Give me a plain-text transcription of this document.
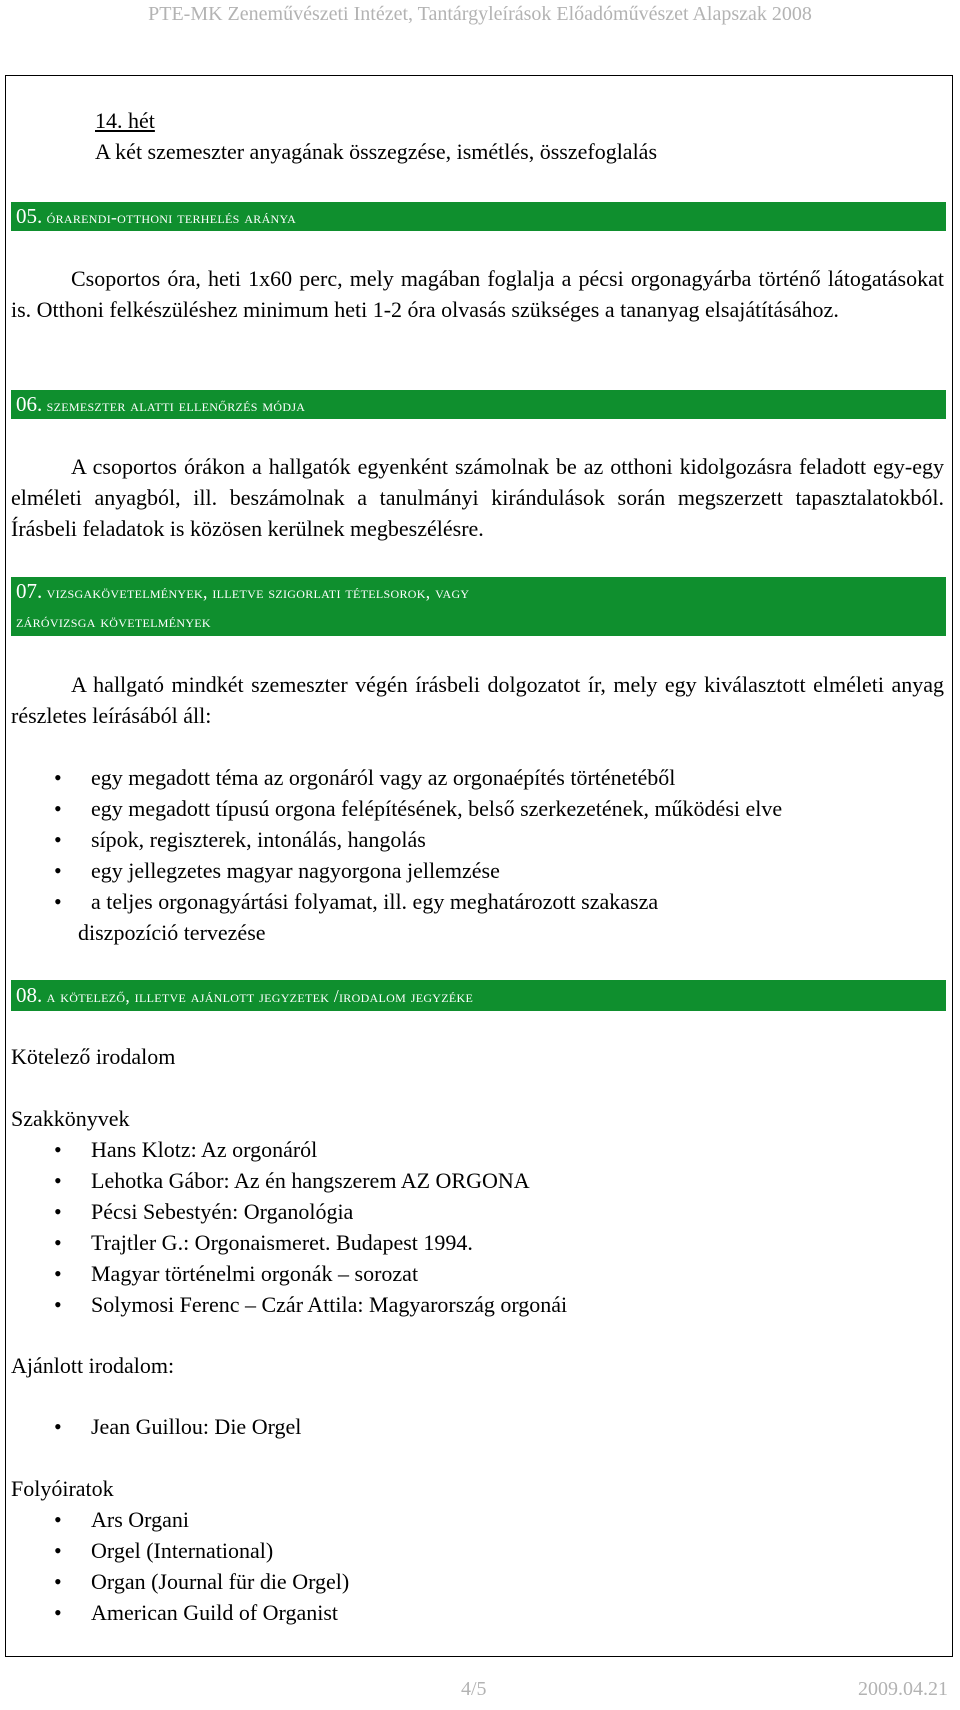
PTE-MK Zeneművészeti Intézet, Tantárgyleírások Előadóművészet Alapszak 2008

14. hét

A két szemeszter anyagának összegzése, ismétlés, összefoglalás

05. órarendi-otthoni terhelés aránya

Csoportos óra, heti 1x60 perc, mely magában foglalja a pécsi orgonagyárba történő látogatásokat is. Otthoni felkészüléshez minimum heti 1-2 óra olvasás szükséges a tananyag elsajátításához.

06. szemeszter alatti ellenőrzés módja

A csoportos órákon a hallgatók egyenként számolnak be az otthoni kidolgozásra feladott egy-egy elméleti anyagból, ill. beszámolnak a tanulmányi kirándulások során megszerzett tapasztalatokból. Írásbeli feladatok is közösen kerülnek megbeszélésre.

07. vizsgakövetelmények, illetve szigorlati tételsorok, vagy
záróvizsga követelmények

A hallgató mindkét szemeszter végén írásbeli dolgozatot ír, mely egy kiválasztott elméleti anyag részletes leírásából áll:

• egy megadott téma az orgonáról vagy az orgonaépítés történetéből
• egy megadott típusú orgona felépítésének, belső szerkezetének, működési elve
• sípok, regiszterek, intonálás, hangolás
• egy jellegzetes magyar nagyorgona jellemzése
• a teljes orgonagyártási folyamat, ill. egy meghatározott szakasza

diszpozíció tervezése

08. a kötelező, illetve ajánlott jegyzetek /irodalom jegyzéke

Kötelező irodalom

Szakkönyvek

• Hans Klotz: Az orgonáról
• Lehotka Gábor: Az én hangszerem AZ ORGONA
• Pécsi Sebestyén: Organológia
• Trajtler G.: Orgonaismeret. Budapest 1994.
• Magyar történelmi orgonák – sorozat
• Solymosi Ferenc – Czár Attila: Magyarország orgonái

Ajánlott irodalom:

• Jean Guillou: Die Orgel

Folyóiratok

• Ars Organi
• Orgel (International)
• Organ (Journal für die Orgel)
• American Guild of Organist
4/5	2009.04.21
